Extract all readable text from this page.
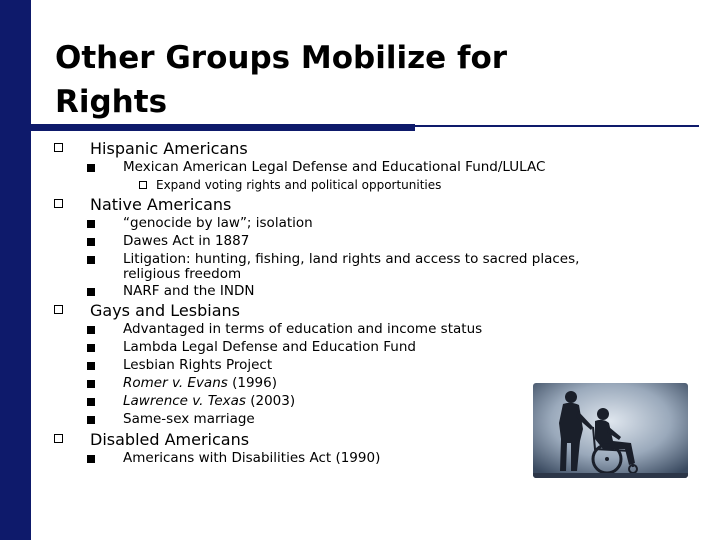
Other Groups Mobilize for
Rights
Hispanic Americans
Mexican American Legal Defense and Educational Fund/LULAC
Expand voting rights and political opportunities
Native Americans
“genocide by law”; isolation
Dawes Act in 1887
Litigation: hunting, fishing, land rights and access to sacred places,
religious freedom
NARF and the INDN
Gays and Lesbians
Advantaged in terms of education and income status
Lambda Legal Defense and Education Fund
Lesbian Rights Project
Romer v. Evans (1996)
Lawrence v. Texas (2003)
Same-sex marriage
Disabled Americans
Americans with Disabilities Act (1990)
